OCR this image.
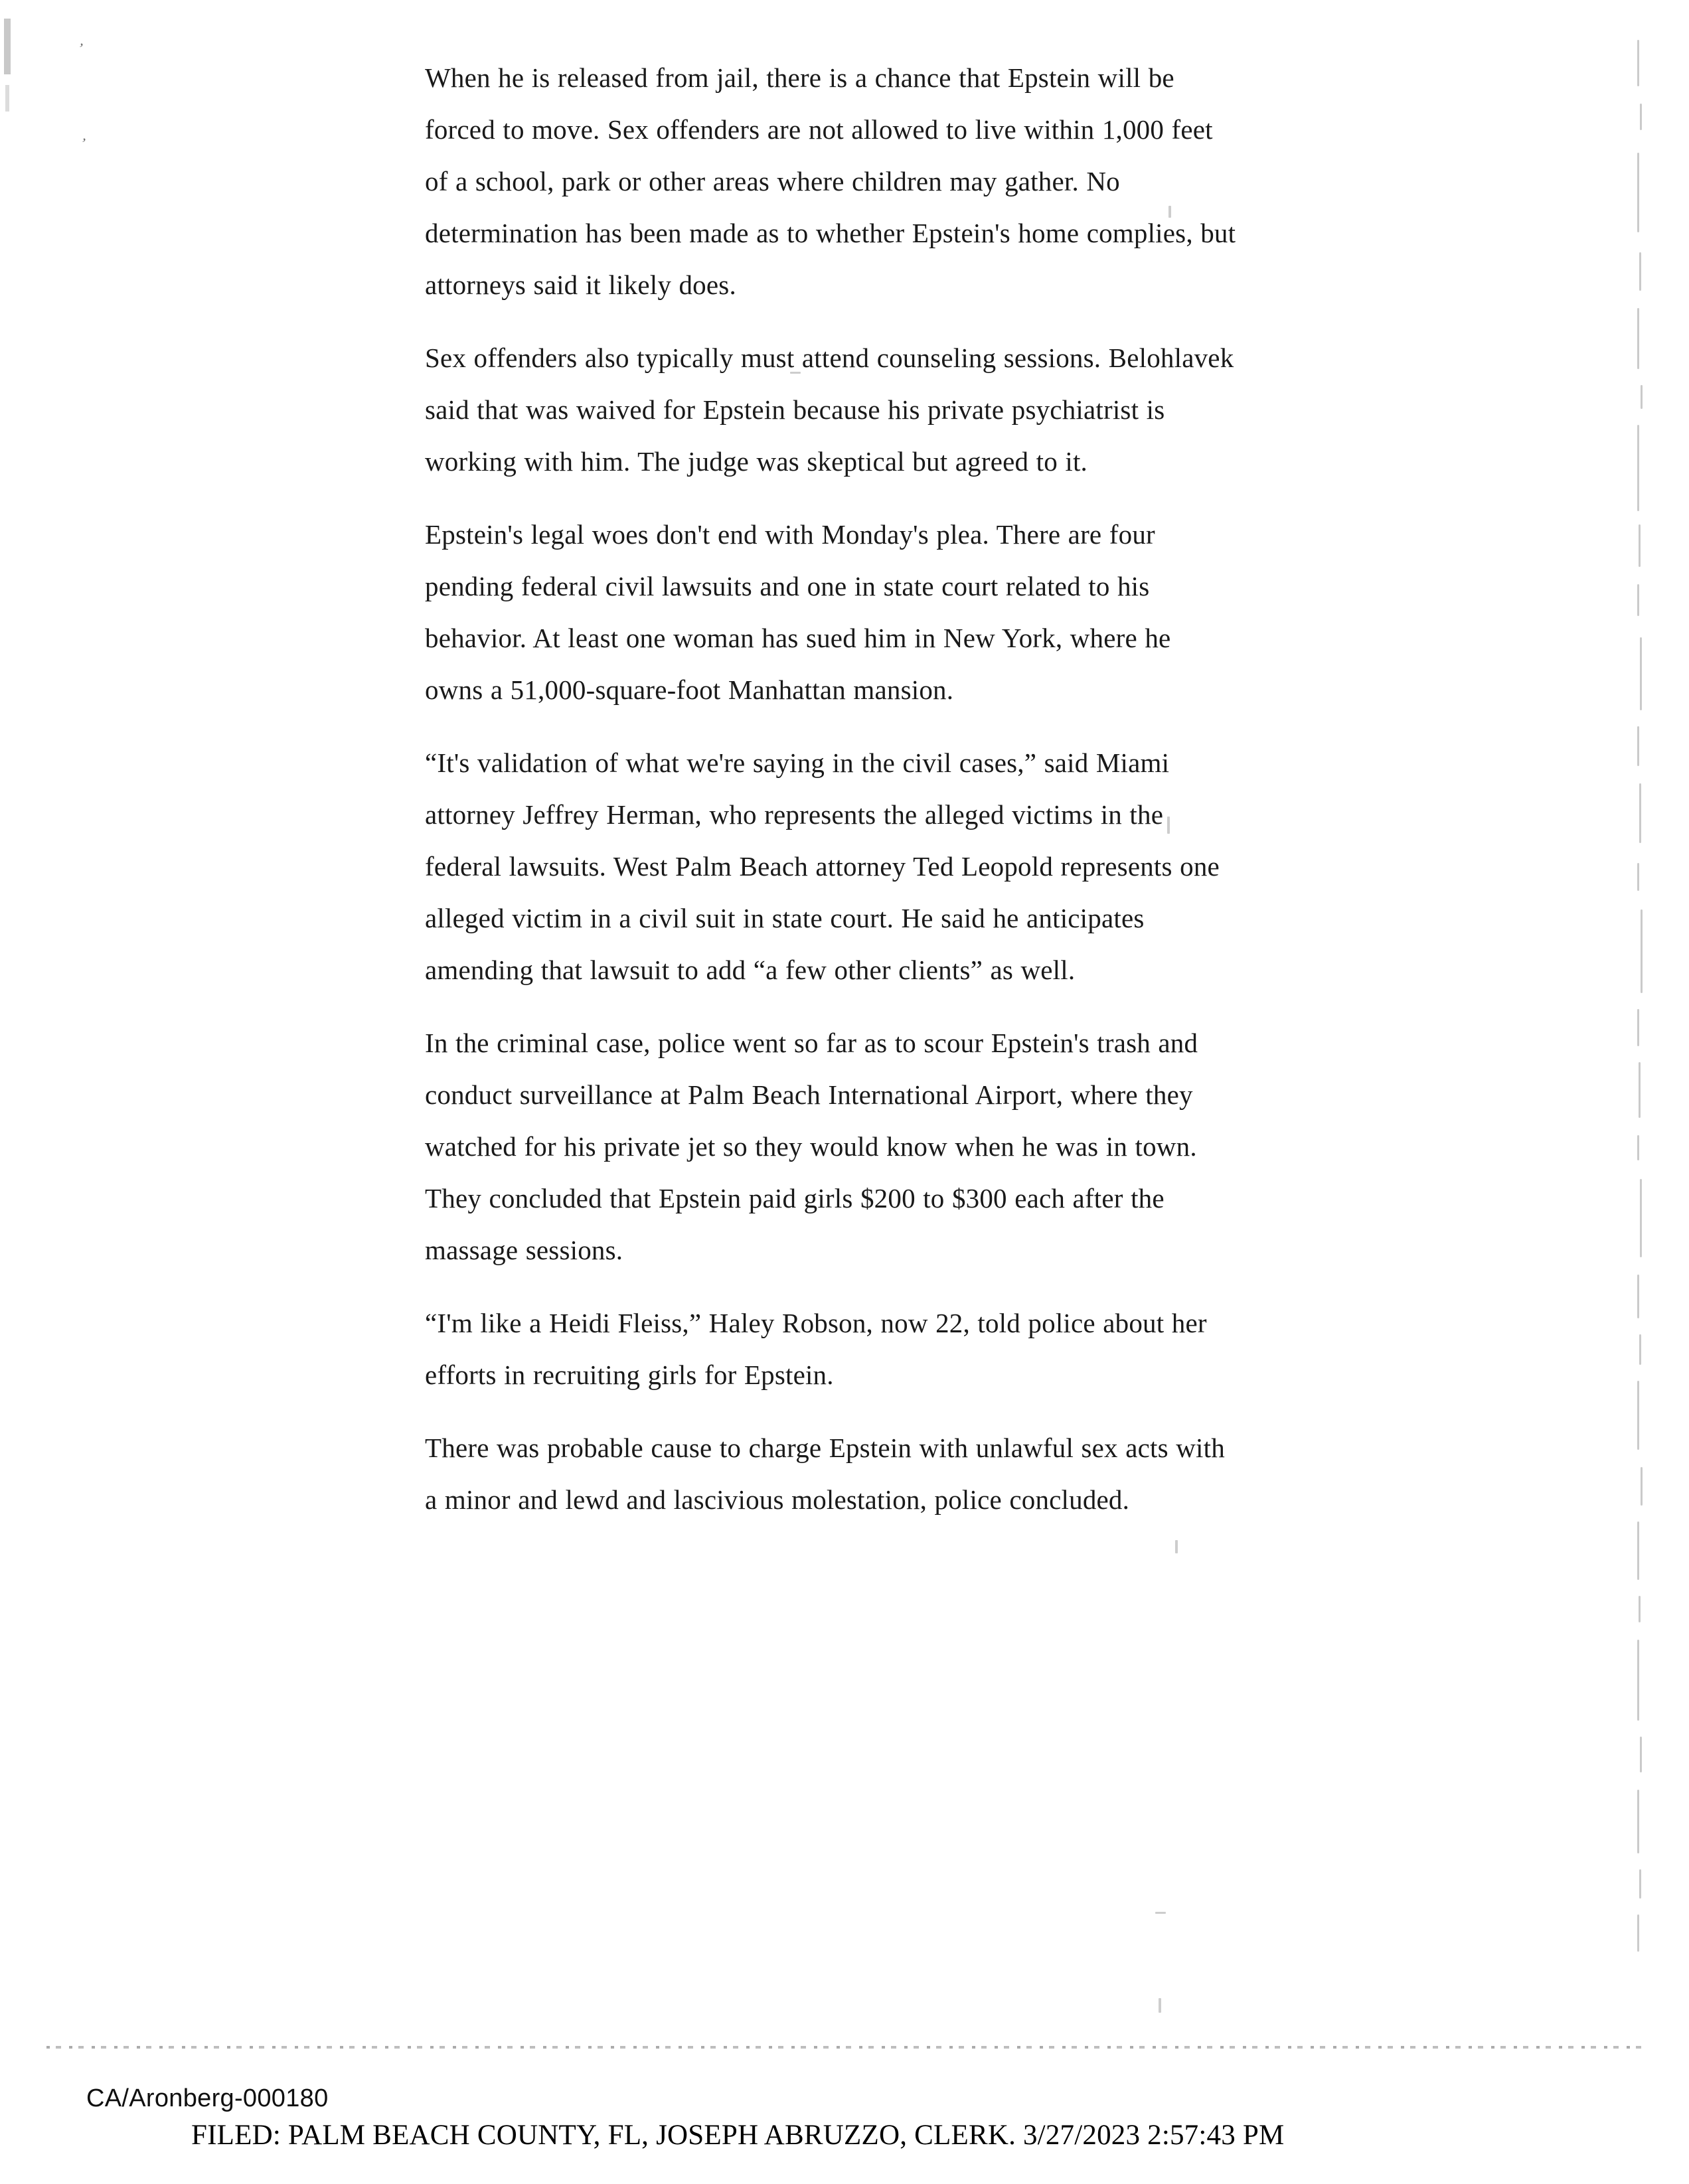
’
’

When he is released from jail, there is a chance that Epstein will be forced to move. Sex offenders are not allowed to live within 1,000 feet of a school, park or other areas where children may gather. No determination has been made as to whether Epstein's home complies, but attorneys said it likely does.

Sex offenders also typically must attend counseling sessions. Belohlavek said that was waived for Epstein because his private psychiatrist is working with him. The judge was skeptical but agreed to it.

Epstein's legal woes don't end with Monday's plea. There are four pending federal civil lawsuits and one in state court related to his behavior. At least one woman has sued him in New York, where he owns a 51,000-square-foot Manhattan mansion.

“It's validation of what we're saying in the civil cases,” said Miami attorney Jeffrey Herman, who represents the alleged victims in the federal lawsuits. West Palm Beach attorney Ted Leopold represents one alleged victim in a civil suit in state court. He said he anticipates amending that lawsuit to add “a few other clients” as well.

In the criminal case, police went so far as to scour Epstein's trash and conduct surveillance at Palm Beach International Airport, where they watched for his private jet so they would know when he was in town. They concluded that Epstein paid girls $200 to $300 each after the massage sessions.

“I'm like a Heidi Fleiss,” Haley Robson, now 22, told police about her efforts in recruiting girls for Epstein.

There was probable cause to charge Epstein with unlawful sex acts with a minor and lewd and lascivious molestation, police concluded.

CA/Aronberg-000180
FILED: PALM BEACH COUNTY, FL, JOSEPH ABRUZZO, CLERK. 3/27/2023 2:57:43 PM
